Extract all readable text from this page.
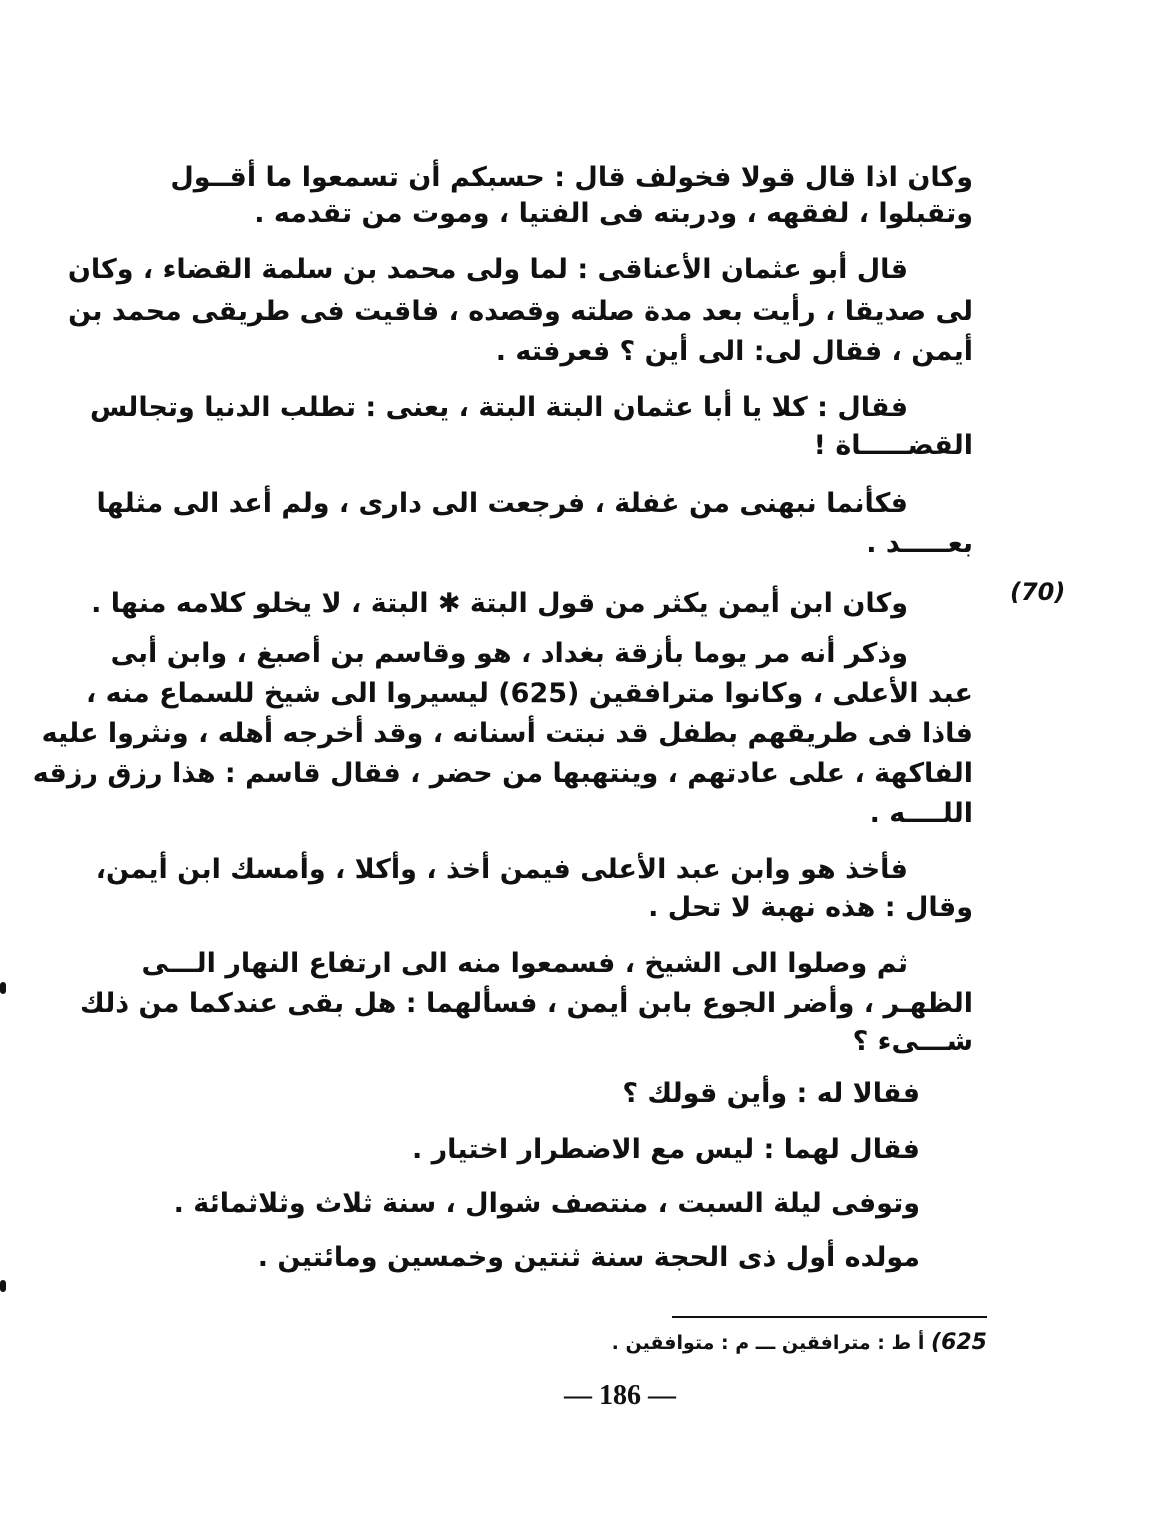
وكان اذا قال قولا فخولف قال : حسبكم أن تسمعوا ما أقــول
وتقبلوا ، لفقهه ، ودربته فى الفتيا ، وموت من تقدمه .
قال أبو عثمان الأعناقى : لما ولى محمد بن سلمة القضاء ، وكان
لى صديقا ، رأيت بعد مدة صلته وقصده ، فاقيت فى طريقى محمد بن
أيمن ، فقال لى: الى أين ؟ فعرفته .
فقال : كلا يا أبا عثمان البتة البتة ، يعنى : تطلب الدنيا وتجالس
القضـــــاة !
فكأنما نبهنى من غفلة ، فرجعت الى دارى ، ولم أعد الى مثلها
بعـــــد .
(70)
وكان ابن أيمن يكثر من قول البتة ✱ البتة ، لا يخلو كلامه منها .
وذكر أنه مر يوما بأزقة بغداد ، هو وقاسم بن أصبغ ، وابن أبى
عبد الأعلى ، وكانوا مترافقين (625) ليسيروا الى شيخ للسماع منه ،
فاذا فى طريقهم بطفل قد نبتت أسنانه ، وقد أخرجه أهله ، ونثروا عليه
الفاكهة ، على عادتهم ، وينتهبها من حضر ، فقال قاسم : هذا رزق رزقه
اللــــه .
فأخذ هو وابن عبد الأعلى فيمن أخذ ، وأكلا ، وأمسك ابن أيمن،
وقال : هذه نهبة لا تحل .
ثم وصلوا الى الشيخ ، فسمعوا منه الى ارتفاع النهار الـــى
الظهـر ، وأضر الجوع بابن أيمن ، فسألهما : هل بقى عندكما من ذلك
شـــىء ؟
فقالا له : وأين قولك ؟
فقال لهما : ليس مع الاضطرار اختيار .
وتوفى ليلة السبت ، منتصف شوال ، سنة ثلاث وثلاثمائة .
مولده أول ذى الحجة سنة ثنتين وخمسين ومائتين .
625) أ ط : مترافقين ـــ م : متوافقين .
— 186 —
